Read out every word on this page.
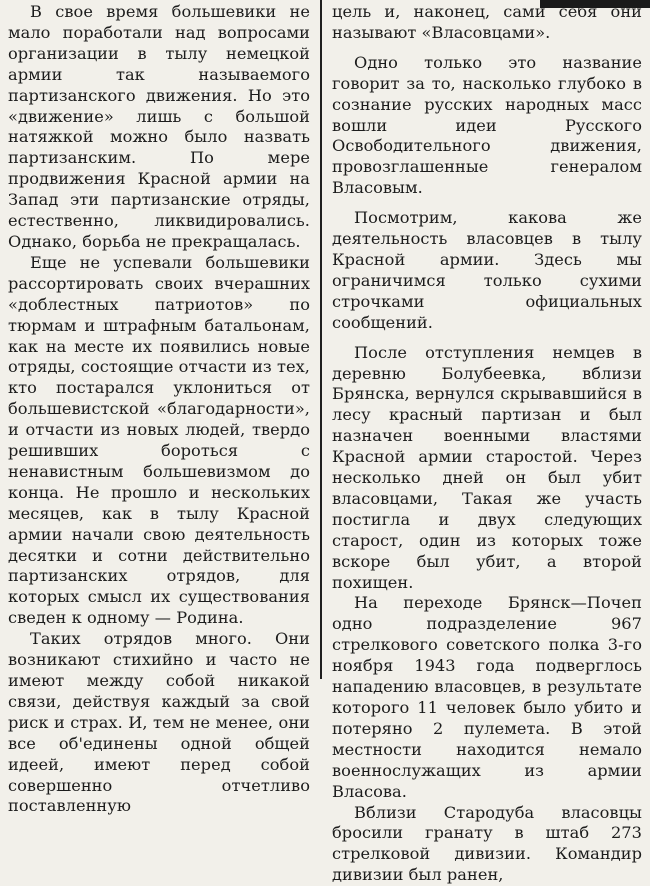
В свое время большевики не мало поработали над вопросами организации в тылу немецкой армии так называемого партизанского движения. Но это «движение» лишь с большой натяжкой можно было назвать партизанским. По мере продвижения Красной армии на Запад эти партизанские отряды, естественно, ликвидировались. Однако, борьба не прекращалась.

Еще не успевали большевики рассортировать своих вчерашних «доблестных патриотов» по тюрмам и штрафным батальонам, как на месте их появились новые отряды, состоящие отчасти из тех, кто постарался уклониться от большевистской «благодарности», и отчасти из новых людей, твердо решивших бороться с ненавистным большевизмом до конца. Не прошло и нескольких месяцев, как в тылу Красной армии начали свою деятельность десятки и сотни действительно партизанских отрядов, для которых смысл их существования сведен к одному — Родина.

Таких отрядов много. Они возникают стихийно и часто не имеют между собой никакой связи, действуя каждый за свой риск и страх. И, тем не менее, они все об'единены одной общей идеей, имеют перед собой совершенно отчетливо поставленную

цель и, наконец, сами себя они называют «Власовцами».

Одно только это название говорит за то, насколько глубоко в сознание русских народных масс вошли идеи Русского Освободительного движения, провозглашенные генералом Власовым.

Посмотрим, какова же деятельность власовцев в тылу Красной армии. Здесь мы ограничимся только сухими строчками официальных сообщений.

После отступления немцев в деревню Болубеевка, вблизи Брянска, вернулся скрывавшийся в лесу красный партизан и был назначен военными властями Красной армии старостой. Через несколько дней он был убит власовцами, Такая же участь постигла и двух следующих старост, один из которых тоже вскоре был убит, а второй похищен.

На переходе Брянск—Почеп одно подразделение 967 стрелкового советского полка 3-го ноября 1943 года подверглось нападению власовцев, в результате которого 11 человек было убито и потеряно 2 пулемета. В этой местности находится немало военнослужащих из армии Власова.

Вблизи Стародуба власовцы бросили гранату в штаб 273 стрелковой дивизии. Командир дивизии был ранен,
